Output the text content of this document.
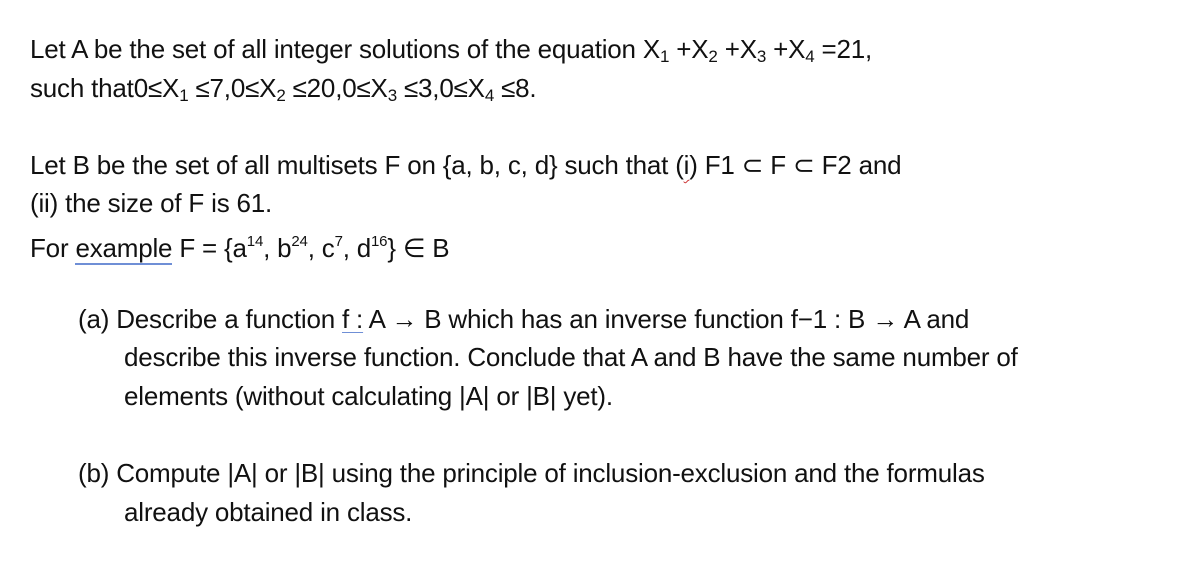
Let A be the set of all integer solutions of the equation $X_1 +X_2 +X_3 +X_4 =21$,
such $that0\le X_1 \le 7,0\le X_2 \le 20,0\le X_3 \le 3,0\le X_4 \le 8$.
Let B be the set of all multisets F on {a, b, c, d} such that (i) F1 ⊂ F ⊂ F2 and
(ii) the size of F is 61.
For example $F = \{a^{14}$, $b^{24}$, $c^7$, $d^{16}$} ∈ B
(a) Describe a function f : A → B which has an inverse function f−1 : B → A and
describe this inverse function. Conclude that A and B have the same number of
elements (without calculating |A| or |B| yet).
(b) Compute |A| or |B| using the principle of inclusion-exclusion and the formulas
already obtained in class.
